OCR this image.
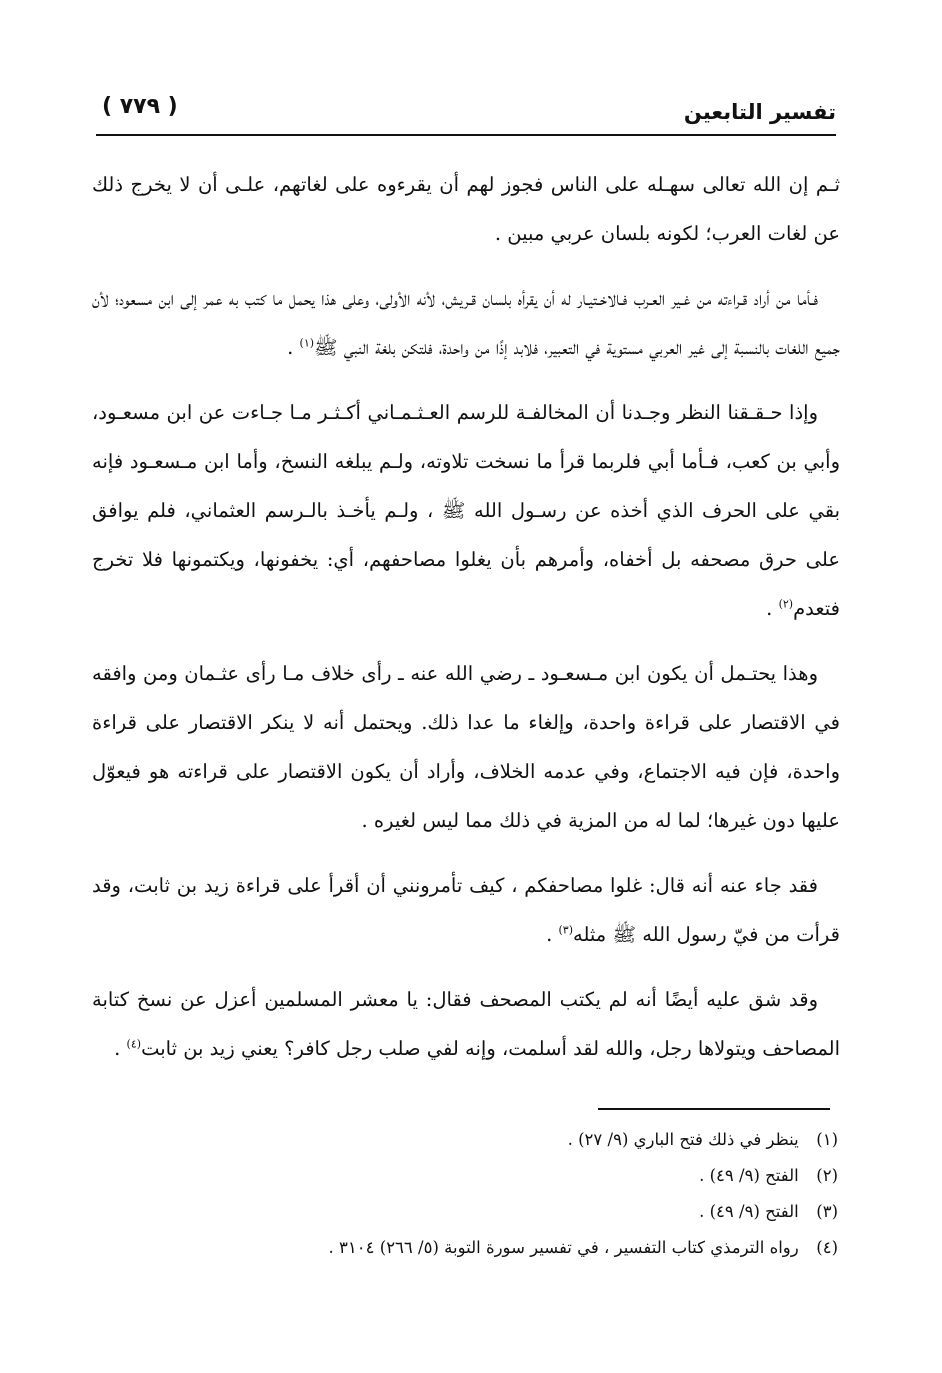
تفسير التابعين
( ٧٧٩ )

ثـم إن الله تعالى سهـله على الناس فجوز لهم أن يقرءوه على لغاتهم، علـى أن لا يخرج ذلك عن لغات العرب؛ لكونه بلسان عربي مبين .

فـأما من أراد قـراءته من غـير العـرب فـالاخـتيـار له أن يقرأه بلسان قـريش، لأنه الأولى، وعلى هذا يحمل ما كتب به عمر إلى ابن مسعود؛ لأن جميع اللغات بالنسبة إلى غير العربي مستوية في التعبير، فلابد إذًا من واحدة، فلتكن بلغة النبي ﷺ$^{(١)}$ .

وإذا حـقـقنا النظر وجـدنا أن المخالفـة للرسم العـثـمـاني أكـثـر مـا جـاءت عن ابن مسعـود، وأبي بن كعب، فـأما أبي فلربما قرأ ما نسخت تلاوته، ولـم يبلغه النسخ، وأما ابن مـسعـود فإنه بقي على الحرف الذي أخذه عن رسـول الله ﷺ ، ولـم يأخـذ بالـرسم العثماني، فلم يوافق على حرق مصحفه بل أخفاه، وأمرهم بأن يغلوا مصاحفهم، أي: يخفونها، ويكتمونها فلا تخرج فتعدم$^{(٢)}$ .

وهذا يحتـمل أن يكون ابن مـسعـود ـ رضي الله عنه ـ رأى خلاف مـا رأى عثـمان ومن وافقه في الاقتصار على قراءة واحدة، وإلغاء ما عدا ذلك. ويحتمل أنه لا ينكر الاقتصار على قراءة واحدة، فإن فيه الاجتماع، وفي عدمه الخلاف، وأراد أن يكون الاقتصار على قراءته هو فيعوّل عليها دون غيرها؛ لما له من المزية في ذلك مما ليس لغيره .

فقد جاء عنه أنه قال: غلوا مصاحفكم ، كيف تأمرونني أن أقرأ على قراءة زيد بن ثابت، وقد قرأت من فيّ رسول الله ﷺ مثله$^{(٣)}$ .

وقد شق عليه أيضًا أنه لم يكتب المصحف فقال: يا معشر المسلمين أعزل عن نسخ كتابة المصاحف ويتولاها رجل، والله لقد أسلمت، وإنه لفي صلب رجل كافر؟ يعني زيد بن ثابت$^{(٤)}$ .

(١) ينظر في ذلك فتح الباري (٩/ ٢٧) .
(٢) الفتح (٩/ ٤٩) .
(٣) الفتح (٩/ ٤٩) .
(٤) رواه الترمذي كتاب التفسير ، في تفسير سورة التوبة (٥/ ٢٦٦) ٣١٠٤ .
